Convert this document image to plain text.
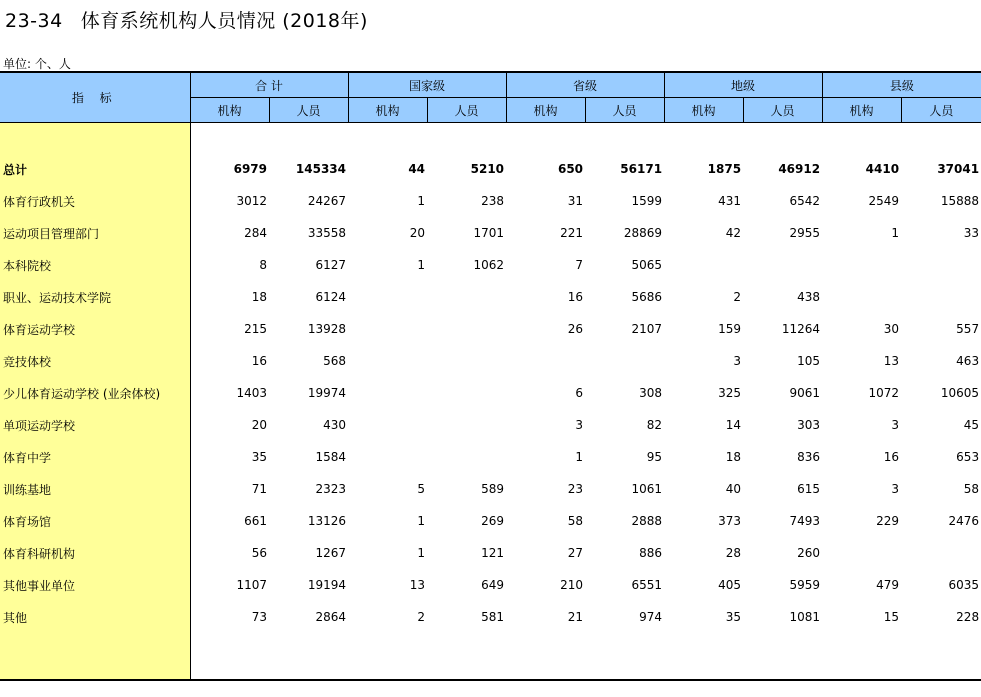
23-34 体育系统机构人员情况 (2018年)
单位: 个、人
指 标	合 计		国家级		省级		地级		县级	
	机构	人员	机构	人员	机构	人员	机构	人员	机构	人员

总计	6979	145334	44	5210	650	56171	1875	46912	4410	37041
体育行政机关	3012	24267	1	238	31	1599	431	6542	2549	15888
运动项目管理部门	284	33558	20	1701	221	28869	42	2955	1	33
本科院校	8	6127	1	1062	7	5065				
职业、运动技术学院	18	6124			16	5686	2	438		
体育运动学校	215	13928			26	2107	159	11264	30	557
竞技体校	16	568					3	105	13	463
少儿体育运动学校 (业余体校)	1403	19974			6	308	325	9061	1072	10605
单项运动学校	20	430			3	82	14	303	3	45
体育中学	35	1584			1	95	18	836	16	653
训练基地	71	2323	5	589	23	1061	40	615	3	58
体育场馆	661	13126	1	269	58	2888	373	7493	229	2476
体育科研机构	56	1267	1	121	27	886	28	260		
其他事业单位	1107	19194	13	649	210	6551	405	5959	479	6035
其他	73	2864	2	581	21	974	35	1081	15	228
